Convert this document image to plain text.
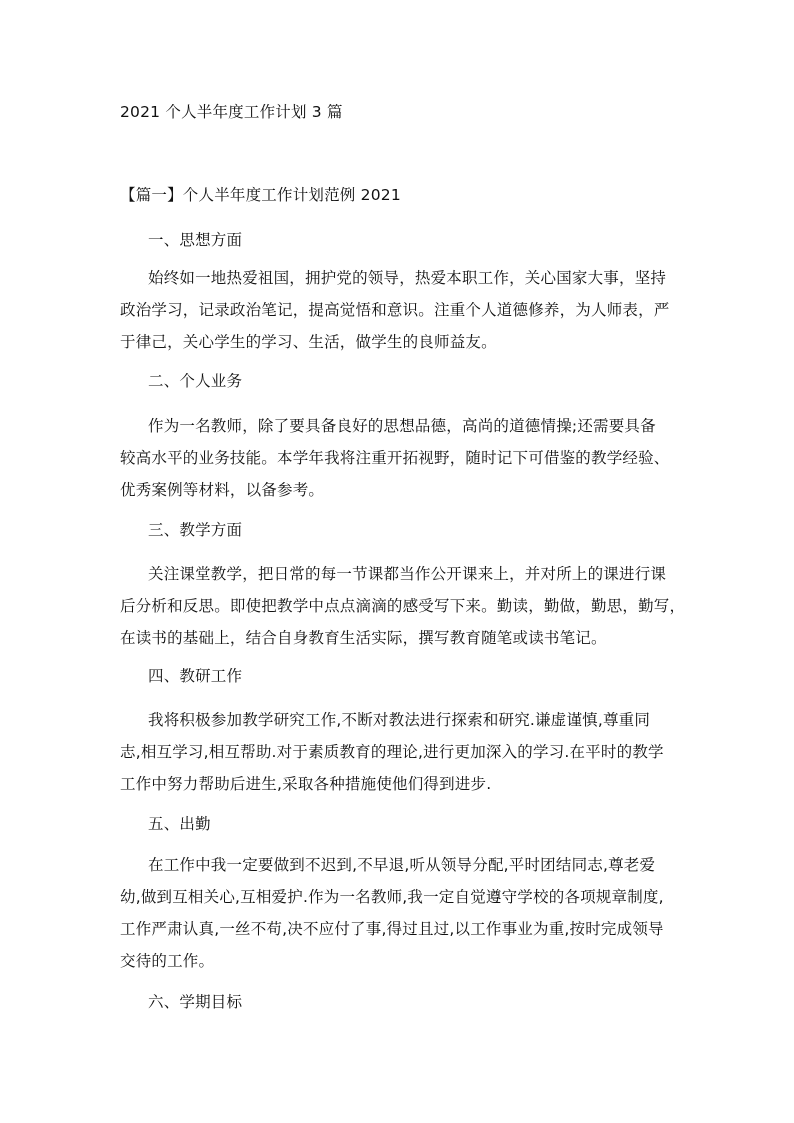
2021 个人半年度工作计划 3 篇
【篇一】个人半年度工作计划范例 2021
一、思想方面
始终如一地热爱祖国，拥护党的领导，热爱本职工作，关心国家大事，坚持
政治学习，记录政治笔记，提高觉悟和意识。注重个人道德修养，为人师表，严
于律己，关心学生的学习、生活，做学生的良师益友。
二、个人业务
作为一名教师，除了要具备良好的思想品德，高尚的道德情操;还需要具备
较高水平的业务技能。本学年我将注重开拓视野，随时记下可借鉴的教学经验、
优秀案例等材料，以备参考。
三、教学方面
关注课堂教学，把日常的每一节课都当作公开课来上，并对所上的课进行课
后分析和反思。即使把教学中点点滴滴的感受写下来。勤读，勤做，勤思，勤写，
在读书的基础上，结合自身教育生活实际，撰写教育随笔或读书笔记。
四、教研工作
我将积极参加教学研究工作,不断对教法进行探索和研究.谦虚谨慎,尊重同
志,相互学习,相互帮助.对于素质教育的理论,进行更加深入的学习.在平时的教学
工作中努力帮助后进生,采取各种措施使他们得到进步.
五、出勤
在工作中我一定要做到不迟到,不早退,听从领导分配,平时团结同志,尊老爱
幼,做到互相关心,互相爱护.作为一名教师,我一定自觉遵守学校的各项规章制度,
工作严肃认真,一丝不苟,决不应付了事,得过且过,以工作事业为重,按时完成领导
交待的工作。
六、学期目标
